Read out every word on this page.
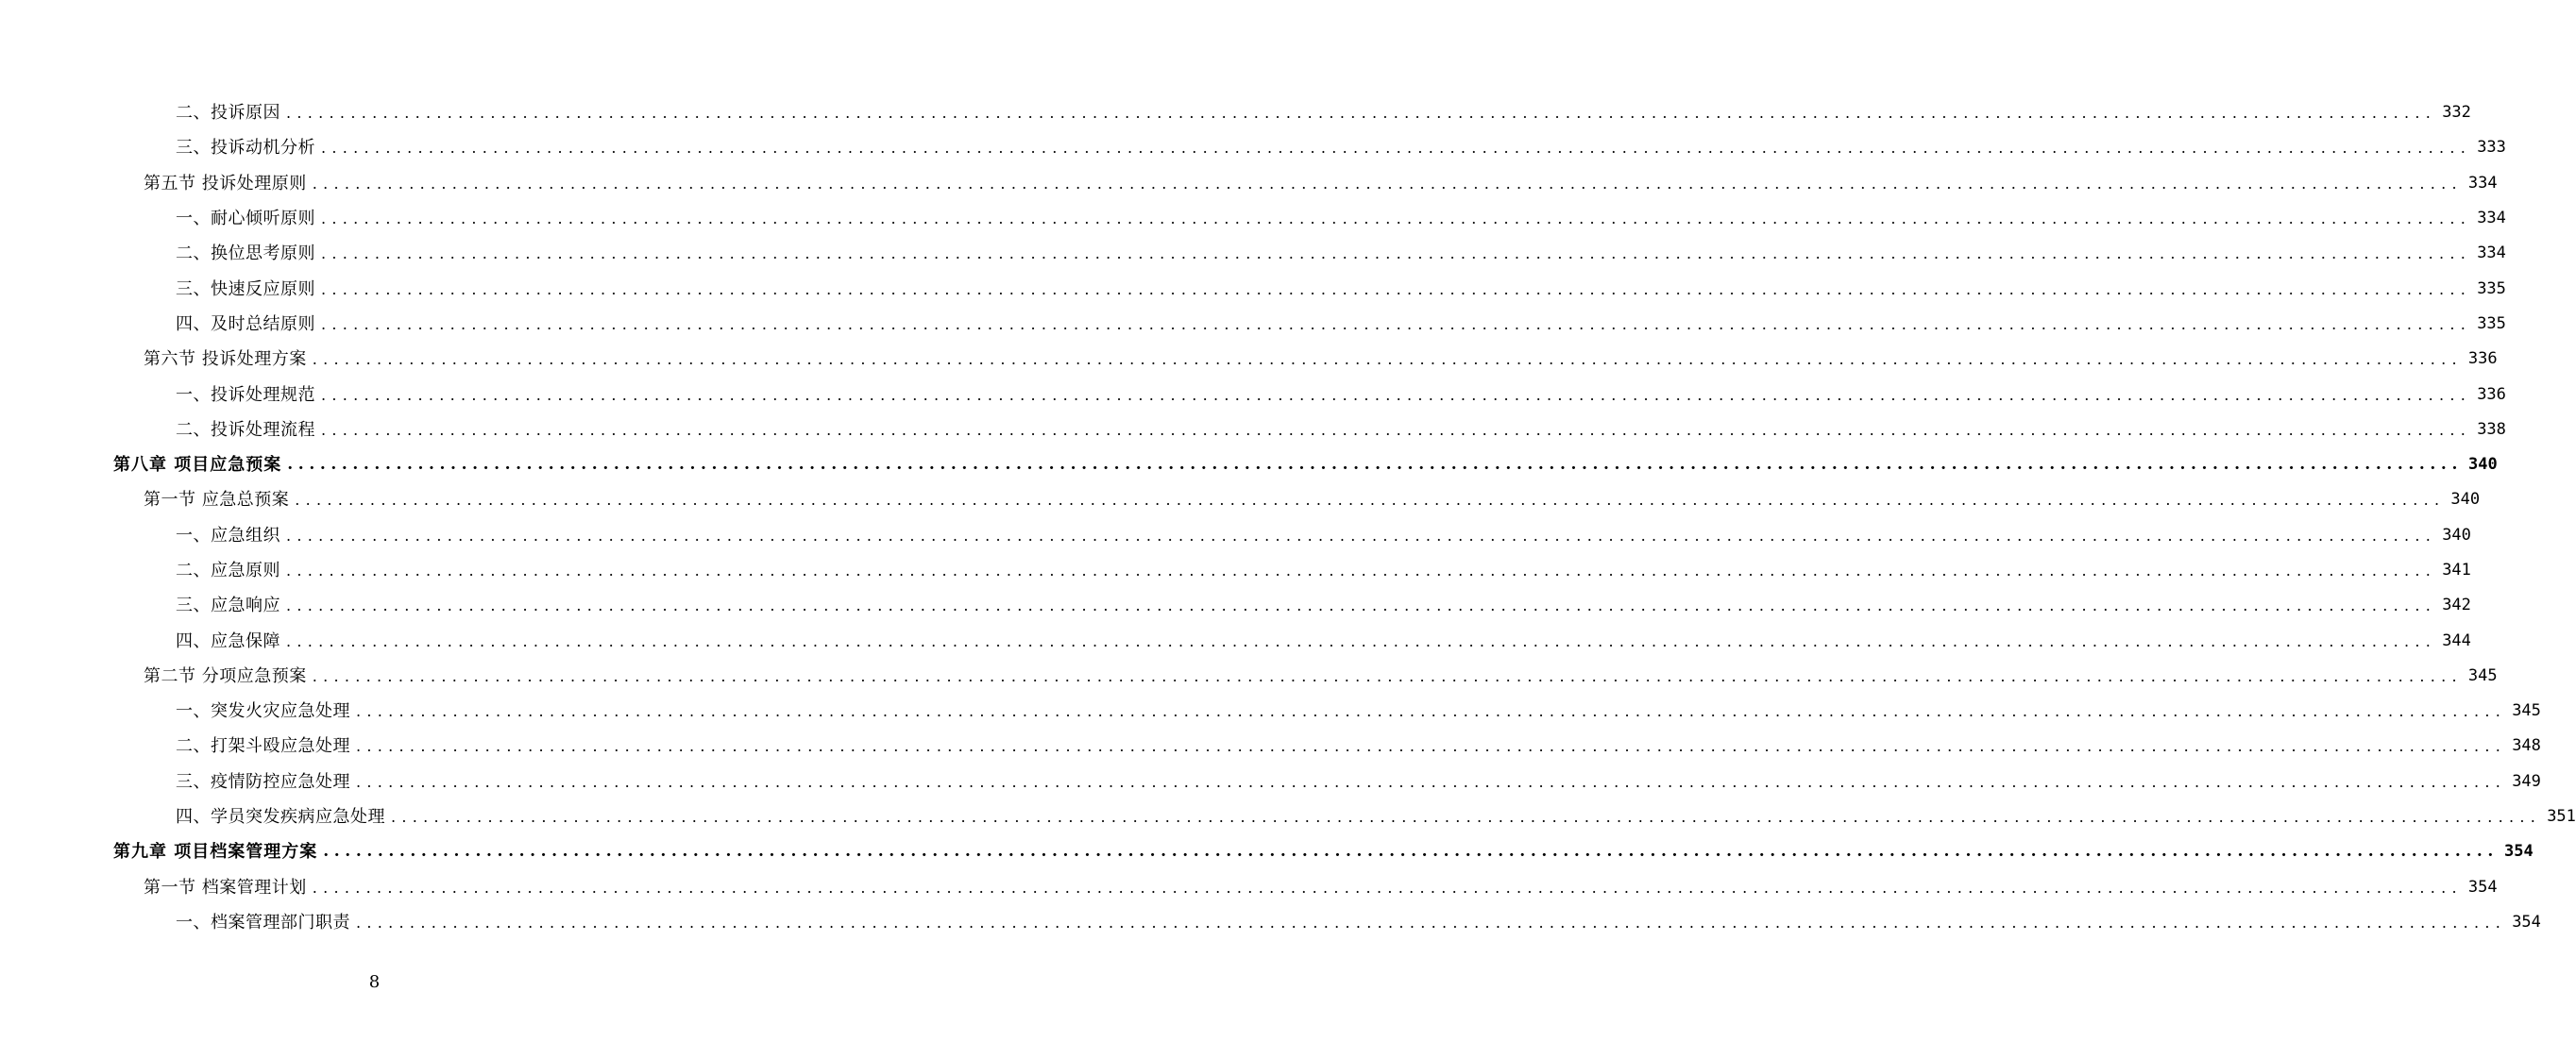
二、投诉原因 ........................................................................................................................................................................................................ 332
三、投诉动机分析 ........................................................................................................................................................................................................ 333
第五节 投诉处理原则 ........................................................................................................................................................................................................ 334
一、耐心倾听原则 ........................................................................................................................................................................................................ 334
二、换位思考原则 ........................................................................................................................................................................................................ 334
三、快速反应原则 ........................................................................................................................................................................................................ 335
四、及时总结原则 ........................................................................................................................................................................................................ 335
第六节 投诉处理方案 ........................................................................................................................................................................................................ 336
一、投诉处理规范 ........................................................................................................................................................................................................ 336
二、投诉处理流程 ........................................................................................................................................................................................................ 338
第八章 项目应急预案 ........................................................................................................................................................................................................ 340
第一节 应急总预案 ........................................................................................................................................................................................................ 340
一、应急组织 ........................................................................................................................................................................................................ 340
二、应急原则 ........................................................................................................................................................................................................ 341
三、应急响应 ........................................................................................................................................................................................................ 342
四、应急保障 ........................................................................................................................................................................................................ 344
第二节 分项应急预案 ........................................................................................................................................................................................................ 345
一、突发火灾应急处理 ........................................................................................................................................................................................................ 345
二、打架斗殴应急处理 ........................................................................................................................................................................................................ 348
三、疫情防控应急处理 ........................................................................................................................................................................................................ 349
四、学员突发疾病应急处理 ........................................................................................................................................................................................................ 351
第九章 项目档案管理方案 ........................................................................................................................................................................................................ 354
第一节 档案管理计划 ........................................................................................................................................................................................................ 354
一、档案管理部门职责 ........................................................................................................................................................................................................ 354
8
